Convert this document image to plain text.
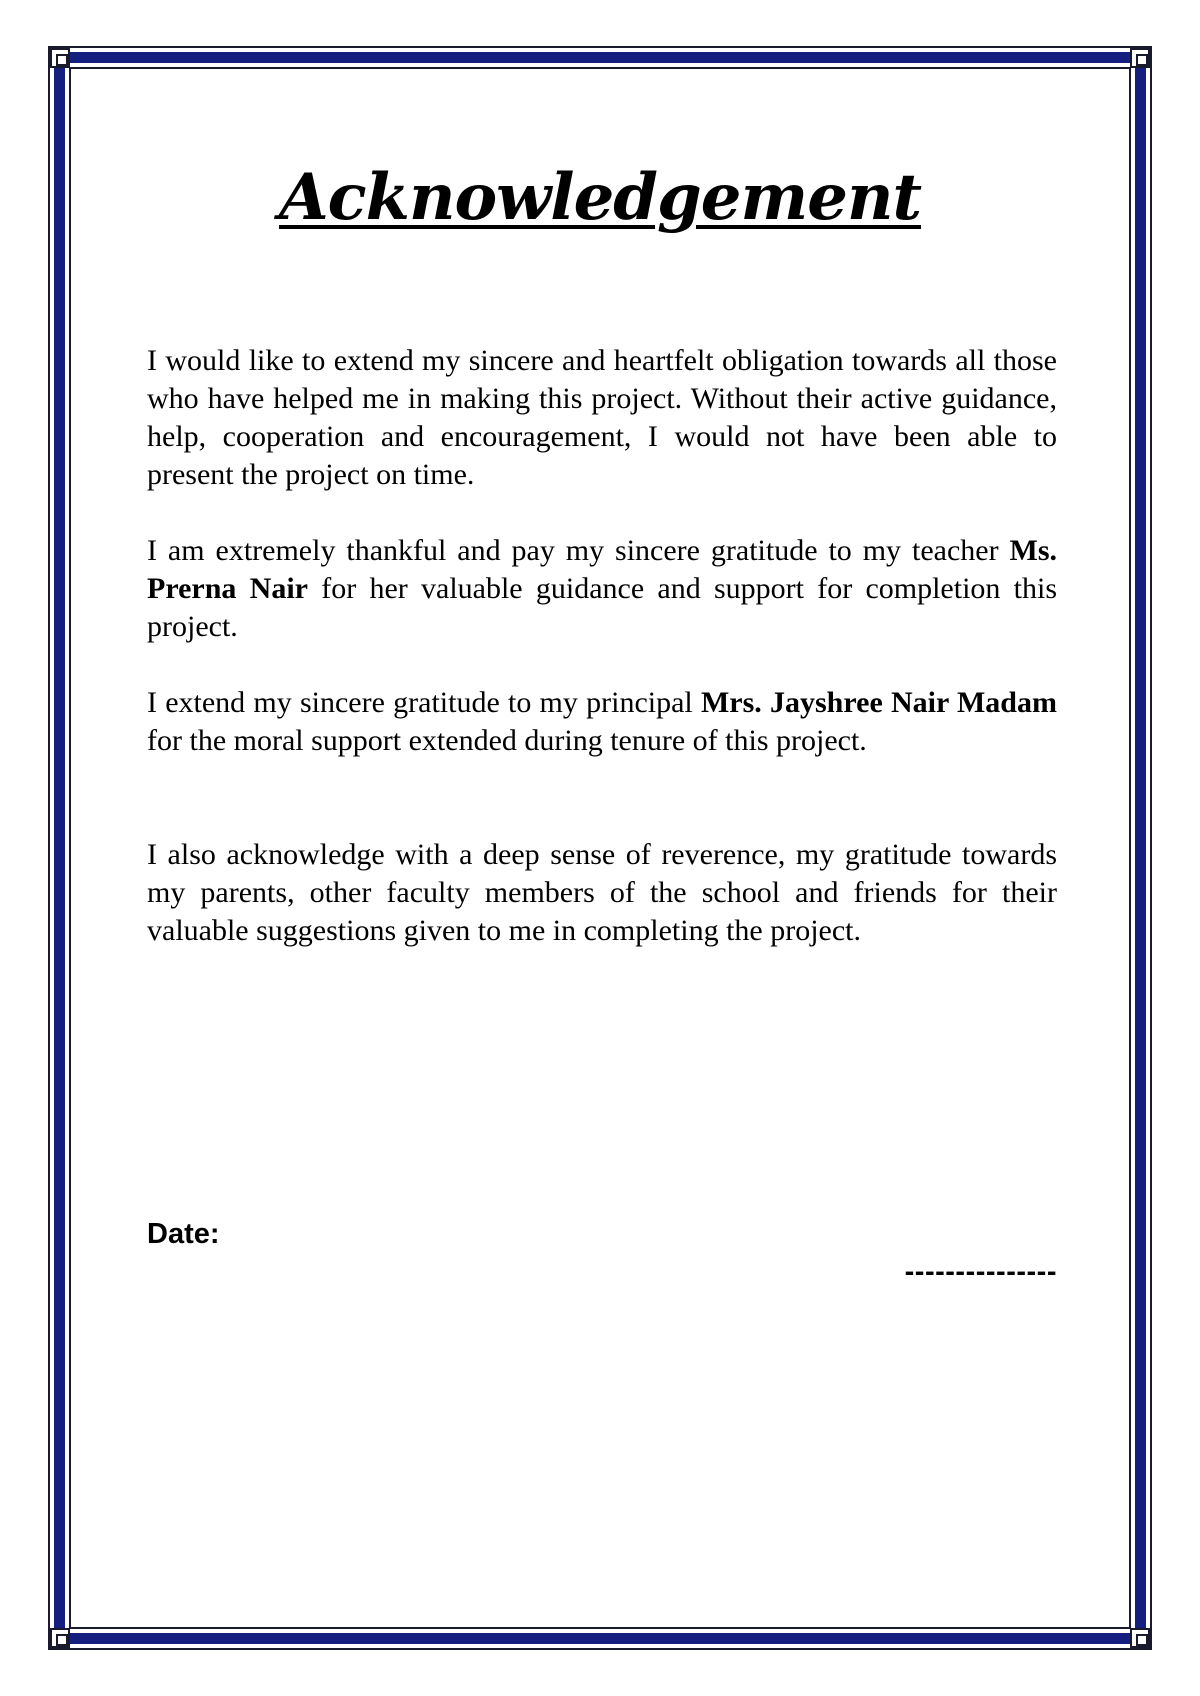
Acknowledgement

I would like to extend my sincere and heartfelt obligation towards all those who have helped me in making this project. Without their active guidance, help, cooperation and encouragement, I would not have been able to present the project on time.

I am extremely thankful and pay my sincere gratitude to my teacher Ms. Prerna Nair for her valuable guidance and support for completion this project.

I extend my sincere gratitude to my principal Mrs. Jayshree Nair Madam for the moral support extended during tenure of this project.

I also acknowledge with a deep sense of reverence, my gratitude towards my parents, other faculty members of the school and friends for their valuable suggestions given to me in completing the project.

Date:

---------------
